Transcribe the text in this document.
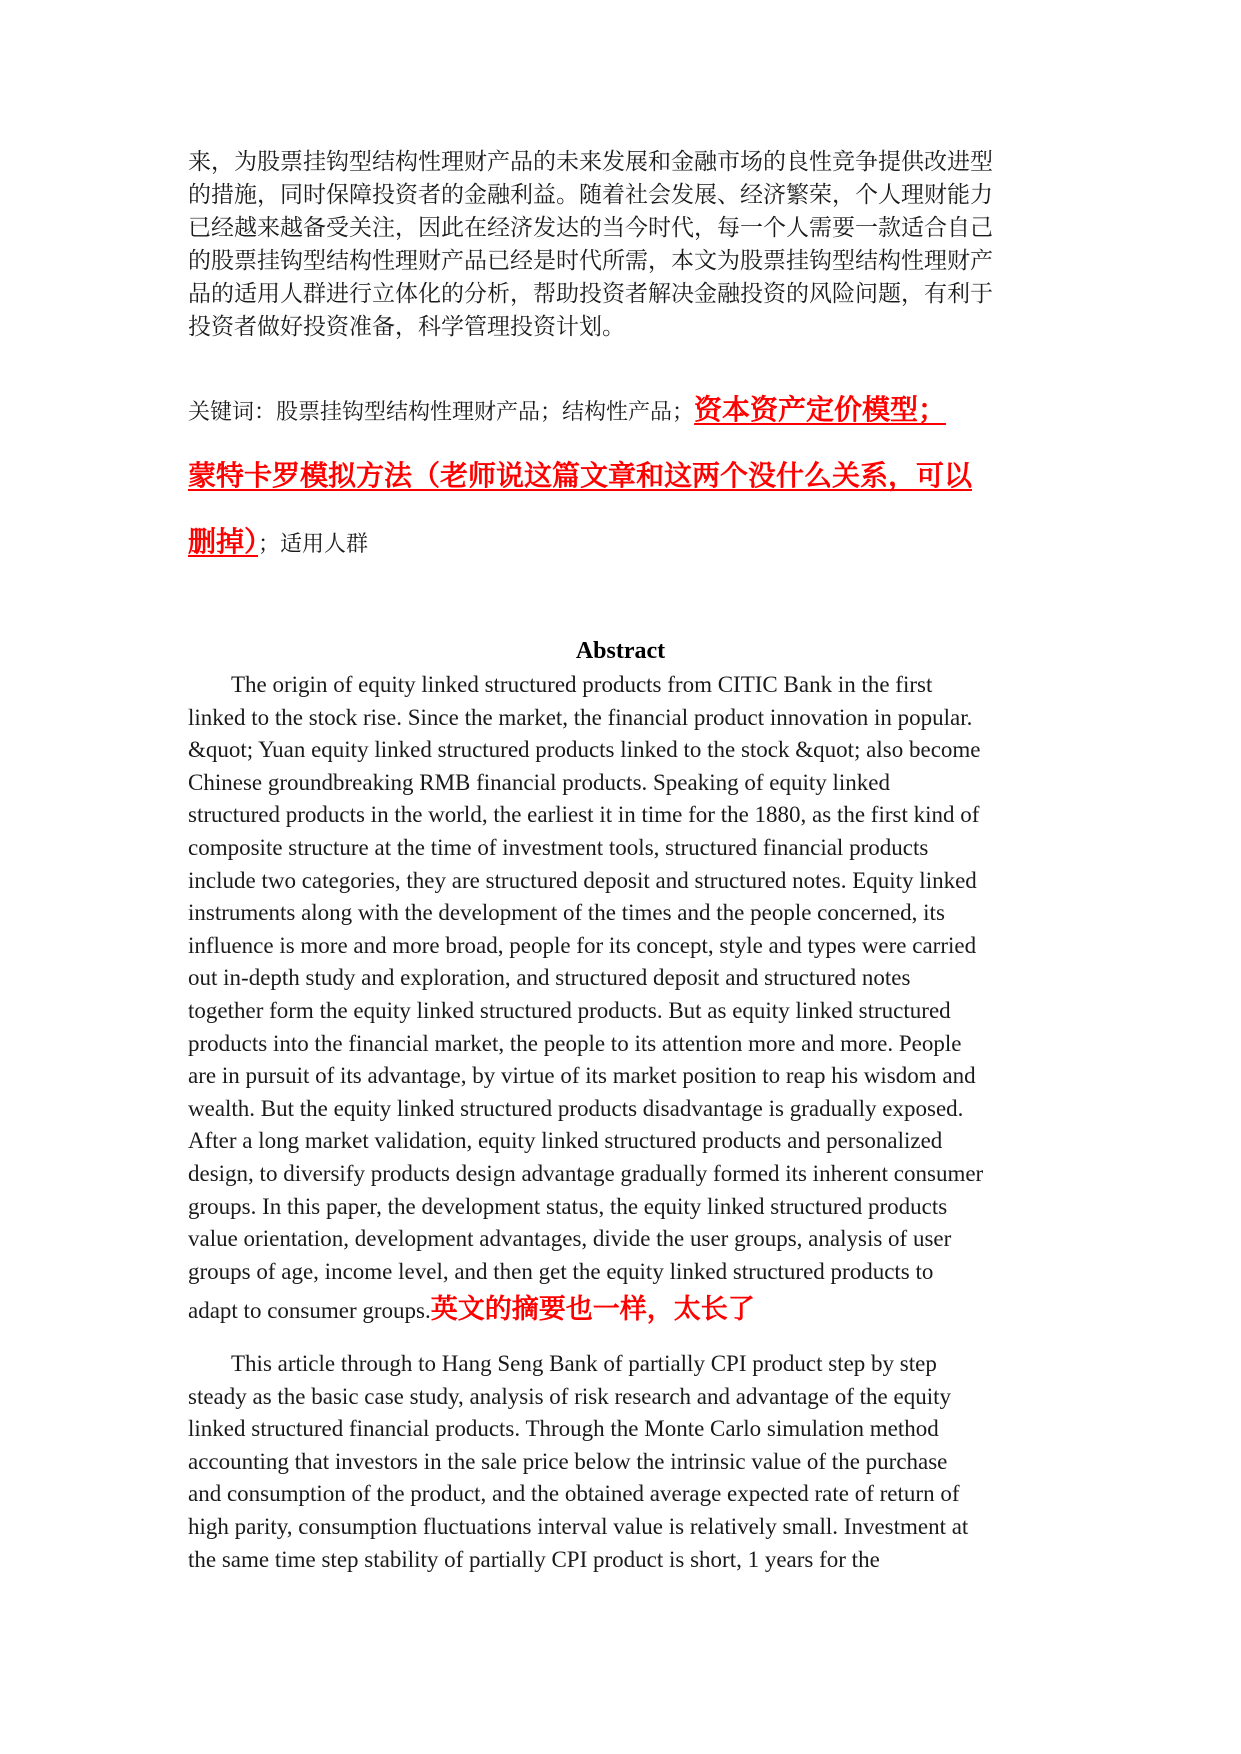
来，为股票挂钩型结构性理财产品的未来发展和金融市场的良性竞争提供改进型
的措施，同时保障投资者的金融利益。随着社会发展、经济繁荣，个人理财能力
已经越来越备受关注，因此在经济发达的当今时代，每一个人需要一款适合自己
的股票挂钩型结构性理财产品已经是时代所需，本文为股票挂钩型结构性理财产
品的适用人群进行立体化的分析，帮助投资者解决金融投资的风险问题，有利于
投资者做好投资准备，科学管理投资计划。
关键词：股票挂钩型结构性理财产品；结构性产品；资本资产定价模型；
蒙特卡罗模拟方法（老师说这篇文章和这两个没什么关系，可以
删掉）；适用人群
Abstract
The origin of equity linked structured products from CITIC Bank in the first
linked to the stock rise. Since the market, the financial product innovation in popular.
&quot; Yuan equity linked structured products linked to the stock &quot; also become
Chinese groundbreaking RMB financial products. Speaking of equity linked
structured products in the world, the earliest it in time for the 1880, as the first kind of
composite structure at the time of investment tools, structured financial products
include two categories, they are structured deposit and structured notes. Equity linked
instruments along with the development of the times and the people concerned, its
influence is more and more broad, people for its concept, style and types were carried
out in-depth study and exploration, and structured deposit and structured notes
together form the equity linked structured products. But as equity linked structured
products into the financial market, the people to its attention more and more. People
are in pursuit of its advantage, by virtue of its market position to reap his wisdom and
wealth. But the equity linked structured products disadvantage is gradually exposed.
After a long market validation, equity linked structured products and personalized
design, to diversify products design advantage gradually formed its inherent consumer
groups. In this paper, the development status, the equity linked structured products
value orientation, development advantages, divide the user groups, analysis of user
groups of age, income level, and then get the equity linked structured products to
adapt to consumer groups.英文的摘要也一样，太长了
This article through to Hang Seng Bank of partially CPI product step by step
steady as the basic case study, analysis of risk research and advantage of the equity
linked structured financial products. Through the Monte Carlo simulation method
accounting that investors in the sale price below the intrinsic value of the purchase
and consumption of the product, and the obtained average expected rate of return of
high parity, consumption fluctuations interval value is relatively small. Investment at
the same time step stability of partially CPI product is short, 1 years for the
